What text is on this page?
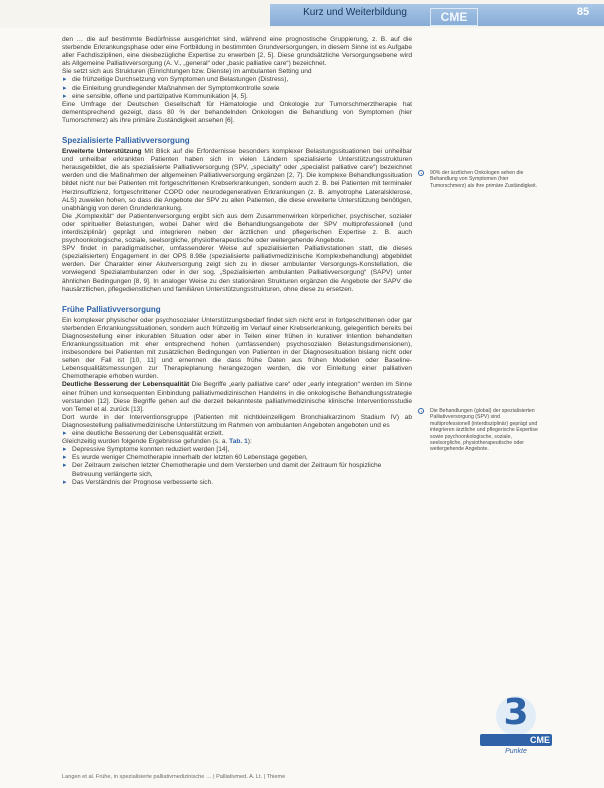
Kurz und Weiterbildung	CME	85

den … die auf bestimmte Bedürfnisse ausgerichtet sind, während eine prognostische Gruppierung, z. B. auf die sterbende Erkrankungsphase oder eine Fortbildung in bestimmten Grundversorgungen, in diesem Sinne ist es Aufgabe aller Fachdisziplinen, eine diesbezügliche Expertise zu erwerben [2, 5]. Diese grundsätzliche Versorgungsebene wird als Allgemeine Palliativversorgung (A. V., „general“ oder „basic palliative care“) bezeichnet.

Sie setzt sich aus Strukturen (Einrichtungen bzw. Dienste) im ambulanten Setting und

▸ die frühzeitige Durchsetzung von Symptomen und Belastungen (Distress),
▸ die Einleitung grundlegender Maßnahmen der Symptomkontrolle sowie
▸ eine sensible, offene und partizipative Kommunikation [4, 5].

Eine Umfrage der Deutschen Gesellschaft für Hämatologie und Onkologie zur Tumorschmerztherapie hat dementsprechend gezeigt, dass 80 % der behandelnden Onkologen die Behandlung von Symptomen (hier Tumorschmerz) als ihre primäre Zuständigkeit ansehen [6].

Spezialisierte Palliativversorgung

Erweiterte Unterstützung Mit Blick auf die Erfordernisse besonders komplexer Belastungssituationen bei unheilbar und unheilbar erkrankten Patienten haben sich in vielen Ländern spezialisierte Unterstützungsstrukturen herausgebildet, die als spezialisierte Palliativversorgung (SPV, „specialty“ oder „specialist palliative care“) bezeichnet werden und die Maßnahmen der allgemeinen Palliativversorgung ergänzen [2, 7]. Die komplexe Behandlungssituation bildet nicht nur bei Patienten mit fortgeschrittenen Krebserkrankungen, sondern auch z. B. bei Patienten mit terminaler Herzinsuffizienz, fortgeschrittener COPD oder neurodegenerativen Erkrankungen (z. B. amyotrophe Lateralsklerose, ALS) zuweilen hohen, so dass die Angebote der SPV zu allen Patienten, die diese erweiterte Unterstützung benötigen, unabhängig von deren Grunderkrankung.

Die „Komplexität“ der Patientenversorgung ergibt sich aus dem Zusammenwirken körperlicher, psychischer, sozialer oder spiritueller Belastungen, wobei Daher wird die Behandlungsangebote der SPV multiprofessionell (und interdisziplinär) geprägt und integrieren neben der ärztlichen und pflegerischen Expertise z. B. auch psychoonkologische, soziale, seelsorgliche, physiotherapeutische oder weitergehende Angebote.

SPV findet in paradigmatischer, umfassenderer Weise auf spezialisierten Palliativstationen statt, die dieses (spezialisierten) Engagement in der OPS 8.98e (spezialisierte palliativmedizinische Komplexbehandlung) abgebildet werden. Der Charakter einer Akutversorgung zeigt sich zu in dieser ambulanter Versorgungs-Konstellation, die vorwiegend Spezialambulanzen oder in der sog. „Spezialisierten ambulanten Palliativversorgung“ (SAPV) unter ähnlichen Bedingungen [8, 9]. In analoger Weise zu den stationären Strukturen ergänzen die Angebote der SAPV die hausärztlichen, pflegedienstlichen und familiären Unterstützungsstrukturen, ohne diese zu ersetzen.

Frühe Palliativversorgung

Ein komplexer physischer oder psychosozialer Unterstützungsbedarf findet sich nicht erst in fortgeschrittenen oder gar sterbenden Erkrankungssituationen, sondern auch frühzeitig im Verlauf einer Krebserkrankung, gelegentlich bereits bei Diagnosestellung einer inkurablen Situation oder aber in Teilen einer frühen in kurativer Intention behandelten Erkrankungssituation mit eher entsprechend hohen (umfassenden) psychosozialen Belastungsdimensionen), insbesondere bei Patienten mit zusätzlichen Bedingungen von Patienten in der Diagnosesituation bislang nicht oder selten der Fall ist [10, 11] und ernennen die dass frühe Daten aus frühen Modellen oder Baseline-Lebensqualitätsmessungen zur Therapieplanung herangezogen werden, die vor Einleitung einer palliativen Chemotherapie erhoben wurden.

Deutliche Besserung der Lebensqualität Die Begriffe „early palliative care“ oder „early integration“ werden im Sinne einer frühen und konsequenten Einbindung palliativmedizinischen Handelns in die onkologische Behandlungsstrategie verstanden [12]. Diese Begriffe gehen auf die derzeit bekannteste palliativmedizinische klinische Interventionsstudie von Temel et al. zurück [13].

Dort wurde in der Interventionsgruppe (Patienten mit nichtkleinzelligem Bronchialkarzinom Stadium IV) ab Diagnosestellung palliativmedizinische Unterstützung im Rahmen von ambulanten Angeboten angeboten und es

▸ eine deutliche Besserung der Lebensqualität erzielt.

Gleichzeitig wurden folgende Ergebnisse gefunden (s. a. Tab. 1):

▸ Depressive Symptome konnten reduziert werden [14],
▸ Es wurde weniger Chemotherapie innerhalb der letzten 60 Lebenstage gegeben,
▸ Der Zeitraum zwischen letzter Chemotherapie und dem Versterben und damit der Zeitraum für hospizliche Betreuung verlängerte sich,
▸ Das Verständnis der Prognose verbesserte sich.
90% der ärztlichen Onkologen sehen die Behandlung von Symptomen (hier Tumorschmerz) als ihre primäre Zuständigkeit.
Die Behandlungen (global) der spezialisierten Palliativversorgung (SPV) sind multiprofessionell (interdisziplinär) geprägt und integrieren ärztliche und pflegerische Expertise sowie psychoonkologische, soziale, seelsorgliche, physiotherapeutische oder weitergehende Angebote.
3
CME
Punkte
Langen et al. Frühe, in spezialisierte palliativmedizinische … | Palliativmed. A. Lt. | Thieme
